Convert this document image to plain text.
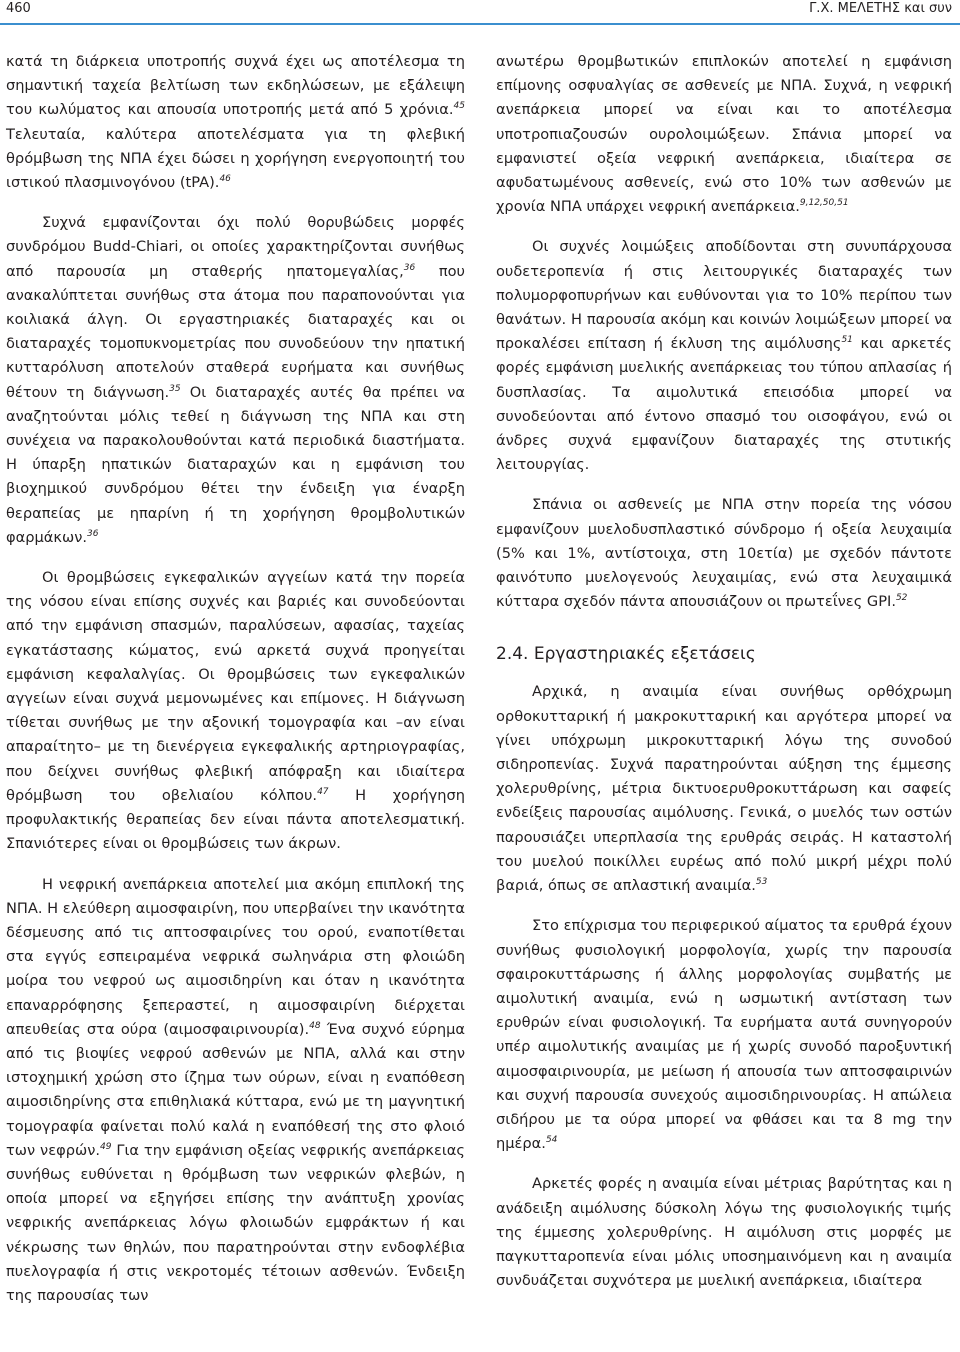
460	Γ.Χ. ΜΕΛΕΤΗΣ και συν

κατά τη διάρκεια υποτροπής συχνά έχει ως αποτέλεσμα τη σημαντική ταχεία βελτίωση των εκδηλώσεων, με εξάλειψη του κωλύματος και απουσία υποτροπής μετά από 5 χρόνια.$^{45}$ Τελευταία, καλύτερα αποτελέσματα για τη φλεβική θρόμβωση της ΝΠΑ έχει δώσει η χορήγηση ενεργοποιητή του ιστικού πλασμινογόνου (tPA).$^{46}$

Συχνά εμφανίζονται όχι πολύ θορυβώδεις μορφές συνδρόμου Budd-Chiari, οι οποίες χαρακτηρίζονται συνήθως από παρουσία μη σταθερής ηπατομεγαλίας,$^{36}$ που ανακαλύπτεται συνήθως στα άτομα που παραπονούνται για κοιλιακά άλγη. Οι εργαστηριακές διαταραχές και οι διαταραχές τομοπυκνομετρίας που συνοδεύουν την ηπατική κυτταρόλυση αποτελούν σταθερά ευρήματα και συνήθως θέτουν τη διάγνωση.$^{35}$ Οι διαταραχές αυτές θα πρέπει να αναζητούνται μόλις τεθεί η διάγνωση της ΝΠΑ και στη συνέχεια να παρακολουθούνται κατά περιοδικά διαστήματα. Η ύπαρξη ηπατικών διαταραχών και η εμφάνιση του βιοχημικού συνδρόμου θέτει την ένδειξη για έναρξη θεραπείας με ηπαρίνη ή τη χορήγηση θρομβολυτικών φαρμάκων.$^{36}$

Οι θρομβώσεις εγκεφαλικών αγγείων κατά την πορεία της νόσου είναι επίσης συχνές και βαριές και συνοδεύονται από την εμφάνιση σπασμών, παραλύσεων, αφασίας, ταχείας εγκατάστασης κώματος, ενώ αρκετά συχνά προηγείται εμφάνιση κεφαλαλγίας. Οι θρομβώσεις των εγκεφαλικών αγγείων είναι συχνά μεμονωμένες και επίμονες. Η διάγνωση τίθεται συνήθως με την αξονική τομογραφία και –αν είναι απαραίτητο– με τη διενέργεια εγκεφαλικής αρτηριογραφίας, που δείχνει συνήθως φλεβική απόφραξη και ιδιαίτερα θρόμβωση του οβελιαίου κόλπου.$^{47}$ Η χορήγηση προφυλακτικής θεραπείας δεν είναι πάντα αποτελεσματική. Σπανιότερες είναι οι θρομβώσεις των άκρων.

Η νεφρική ανεπάρκεια αποτελεί μια ακόμη επιπλοκή της ΝΠΑ. Η ελεύθερη αιμοσφαιρίνη, που υπερβαίνει την ικανότητα δέσμευσης από τις απτοσφαιρίνες του ορού, εναποτίθεται στα εγγύς εσπειραμένα νεφρικά σωληνάρια στη φλοιώδη μοίρα του νεφρού ως αιμοσιδηρίνη και όταν η ικανότητα επαναρρόφησης ξεπεραστεί, η αιμοσφαιρίνη διέρχεται απευθείας στα ούρα (αιμοσφαιρινουρία).$^{48}$ Ένα συχνό εύρημα από τις βιοψίες νεφρού ασθενών με ΝΠΑ, αλλά και στην ιστοχημική χρώση στο ίζημα των ούρων, είναι η εναπόθεση αιμοσιδηρίνης στα επιθηλιακά κύτταρα, ενώ με τη μαγνητική τομογραφία φαίνεται πολύ καλά η εναπόθεσή της στο φλοιό των νεφρών.$^{49}$ Για την εμφάνιση οξείας νεφρικής ανεπάρκειας συνήθως ευθύνεται η θρόμβωση των νεφρικών φλεβών, η οποία μπορεί να εξηγήσει επίσης την ανάπτυξη χρονίας νεφρικής ανεπάρκειας λόγω φλοιωδών εμφράκτων ή και νέκρωσης των θηλών, που παρατηρούνται στην ενδοφλέβια πυελογραφία ή στις νεκροτομές τέτοιων ασθενών. Ένδειξη της παρουσίας των

ανωτέρω θρομβωτικών επιπλοκών αποτελεί η εμφάνιση επίμονης οσφυαλγίας σε ασθενείς με ΝΠΑ. Συχνά, η νεφρική ανεπάρκεια μπορεί να είναι και το αποτέλεσμα υποτροπιαζουσών ουρολοιμώξεων. Σπάνια μπορεί να εμφανιστεί οξεία νεφρική ανεπάρκεια, ιδιαίτερα σε αφυδατωμένους ασθενείς, ενώ στο 10% των ασθενών με χρονία ΝΠΑ υπάρχει νεφρική ανεπάρκεια.$^{9,12,50,51}$

Οι συχνές λοιμώξεις αποδίδονται στη συνυπάρχουσα ουδετεροπενία ή στις λειτουργικές διαταραχές των πολυμορφοπυρήνων και ευθύνονται για το 10% περίπου των θανάτων. Η παρουσία ακόμη και κοινών λοιμώξεων μπορεί να προκαλέσει επίταση ή έκλυση της αιμόλυσης$^{51}$ και αρκετές φορές εμφάνιση μυελικής ανεπάρκειας του τύπου απλασίας ή δυσπλασίας. Τα αιμολυτικά επεισόδια μπορεί να συνοδεύονται από έντονο σπασμό του οισοφάγου, ενώ οι άνδρες συχνά εμφανίζουν διαταραχές της στυτικής λειτουργίας.

Σπάνια οι ασθενείς με ΝΠΑ στην πορεία της νόσου εμφανίζουν μυελοδυσπλαστικό σύνδρομο ή οξεία λευχαιμία (5% και 1%, αντίστοιχα, στη 10ετία) με σχεδόν πάντοτε φαινότυπο μυελογενούς λευχαιμίας, ενώ στα λευχαιμικά κύτταρα σχεδόν πάντα απουσιάζουν οι πρωτεΐνες GPI.$^{52}$

2.4. Εργαστηριακές εξετάσεις

Αρχικά, η αναιμία είναι συνήθως ορθόχρωμη ορθοκυτταρική ή μακροκυτταρική και αργότερα μπορεί να γίνει υπόχρωμη μικροκυτταρική λόγω της συνοδού σιδηροπενίας. Συχνά παρατηρούνται αύξηση της έμμεσης χολερυθρίνης, μέτρια δικτυοερυθροκυττάρωση και σαφείς ενδείξεις παρουσίας αιμόλυσης. Γενικά, ο μυελός των οστών παρουσιάζει υπερπλασία της ερυθράς σειράς. Η καταστολή του μυελού ποικίλλει ευρέως από πολύ μικρή μέχρι πολύ βαριά, όπως σε απλαστική αναιμία.$^{53}$

Στο επίχρισμα του περιφερικού αίματος τα ερυθρά έχουν συνήθως φυσιολογική μορφολογία, χωρίς την παρουσία σφαιροκυττάρωσης ή άλλης μορφολογίας συμβατής με αιμολυτική αναιμία, ενώ η ωσμωτική αντίσταση των ερυθρών είναι φυσιολογική. Τα ευρήματα αυτά συνηγορούν υπέρ αιμολυτικής αναιμίας με ή χωρίς συνοδό παροξυντική αιμοσφαιρινουρία, με μείωση ή απουσία των απτοσφαιρινών και συχνή παρουσία συνεχούς αιμοσιδηρινουρίας. Η απώλεια σιδήρου με τα ούρα μπορεί να φθάσει και τα 8 mg την ημέρα.$^{54}$

Αρκετές φορές η αναιμία είναι μέτριας βαρύτητας και η ανάδειξη αιμόλυσης δύσκολη λόγω της φυσιολογικής τιμής της έμμεσης χολερυθρίνης. Η αιμόλυση στις μορφές με παγκυτταροπενία είναι μόλις υποσημαινόμενη και η αναιμία συνδυάζεται συχνότερα με μυελική ανεπάρκεια, ιδιαίτερα
